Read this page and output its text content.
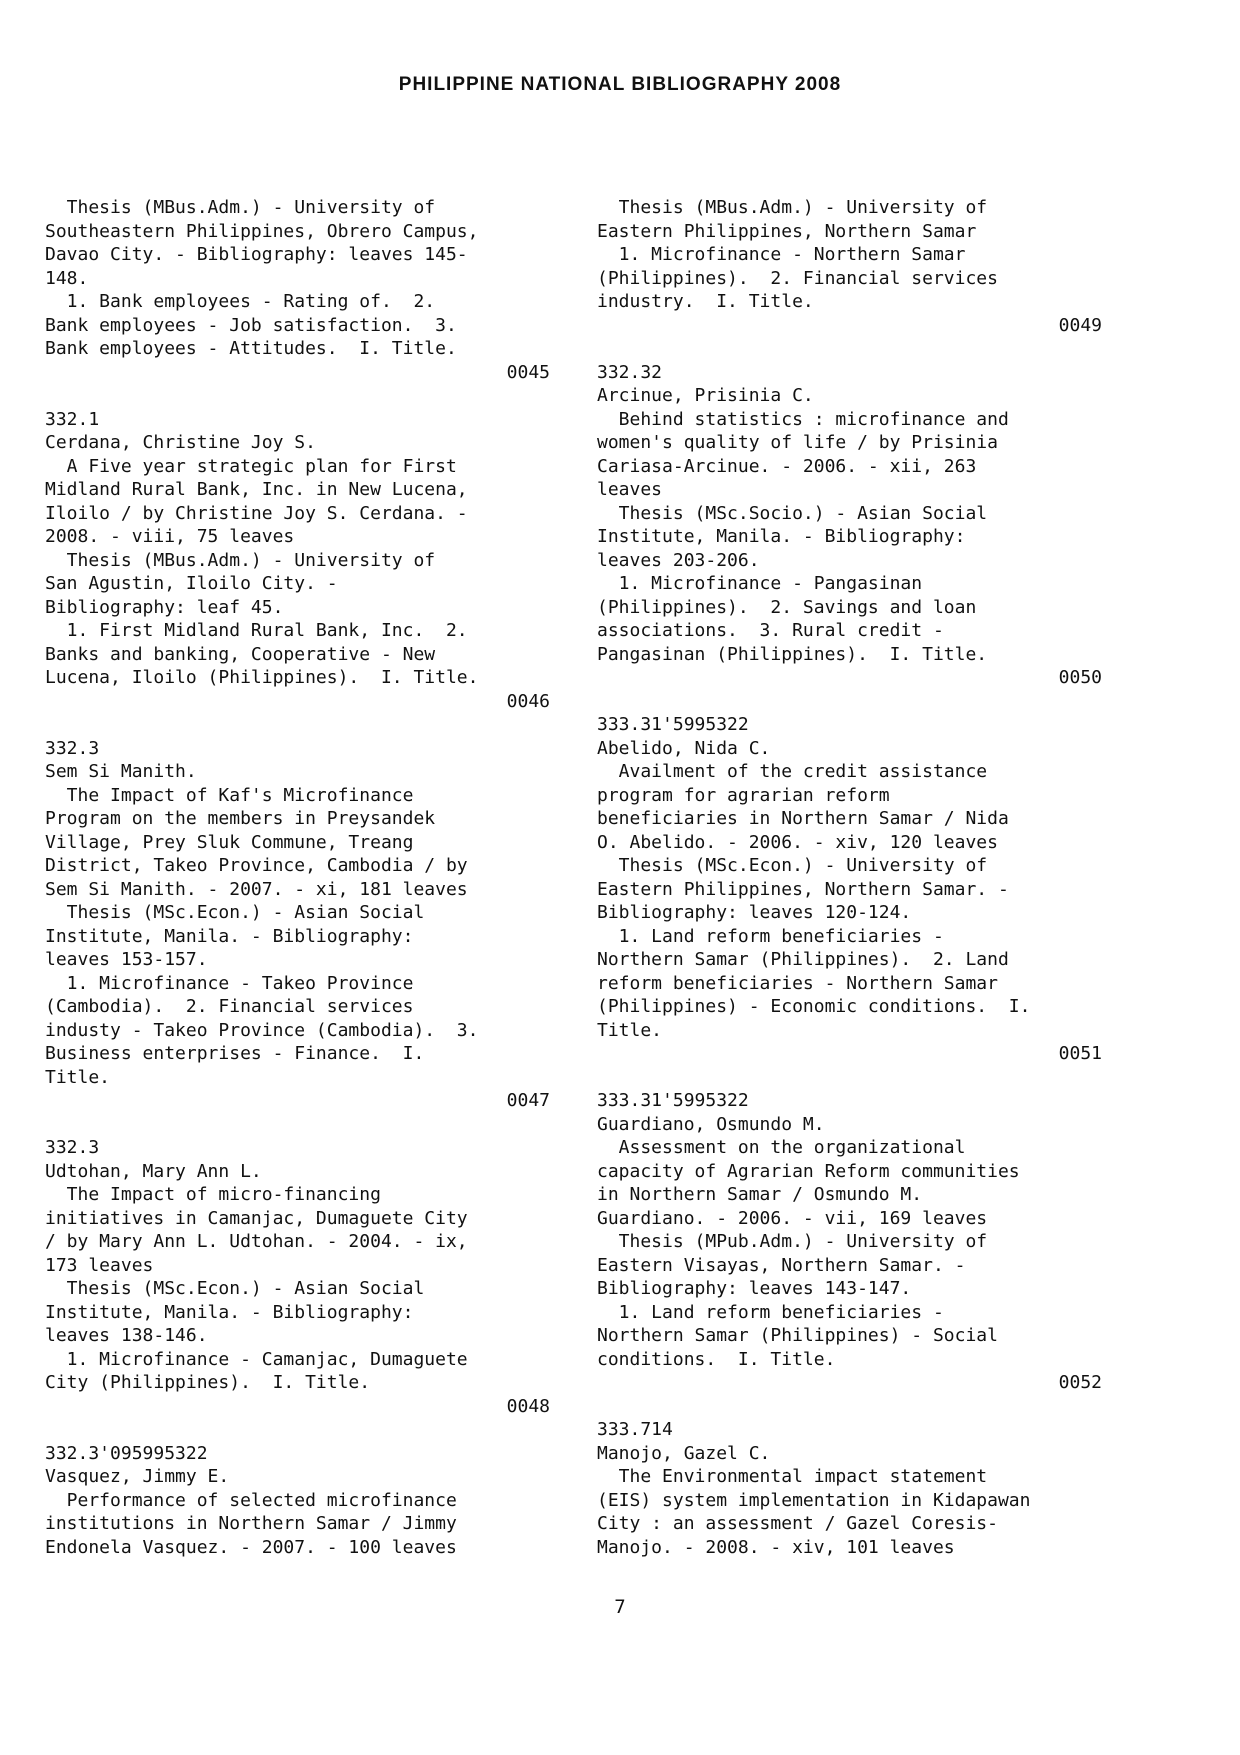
PHILIPPINE NATIONAL BIBLIOGRAPHY 2008
Thesis (MBus.Adm.) - University of
Southeastern Philippines, Obrero Campus,
Davao City. - Bibliography: leaves 145-
148.
1. Bank employees - Rating of.  2.
Bank employees - Job satisfaction.  3.
Bank employees - Attitudes.  I. Title.
0045
332.1
Cerdana, Christine Joy S.
A Five year strategic plan for First
Midland Rural Bank, Inc. in New Lucena,
Iloilo / by Christine Joy S. Cerdana. -
2008. - viii, 75 leaves
Thesis (MBus.Adm.) - University of
San Agustin, Iloilo City. -
Bibliography: leaf 45.
1. First Midland Rural Bank, Inc.  2.
Banks and banking, Cooperative - New
Lucena, Iloilo (Philippines).  I. Title.
0046
332.3
Sem Si Manith.
The Impact of Kaf's Microfinance
Program on the members in Preysandek
Village, Prey Sluk Commune, Treang
District, Takeo Province, Cambodia / by
Sem Si Manith. - 2007. - xi, 181 leaves
Thesis (MSc.Econ.) - Asian Social
Institute, Manila. - Bibliography:
leaves 153-157.
1. Microfinance - Takeo Province
(Cambodia).  2. Financial services
industy - Takeo Province (Cambodia).  3.
Business enterprises - Finance.  I.
Title.
0047
332.3
Udtohan, Mary Ann L.
The Impact of micro-financing
initiatives in Camanjac, Dumaguete City
/ by Mary Ann L. Udtohan. - 2004. - ix,
173 leaves
Thesis (MSc.Econ.) - Asian Social
Institute, Manila. - Bibliography:
leaves 138-146.
1. Microfinance - Camanjac, Dumaguete
City (Philippines).  I. Title.
0048
332.3'095995322
Vasquez, Jimmy E.
Performance of selected microfinance
institutions in Northern Samar / Jimmy
Endonela Vasquez. - 2007. - 100 leaves
Thesis (MBus.Adm.) - University of
Eastern Philippines, Northern Samar
1. Microfinance - Northern Samar
(Philippines).  2. Financial services
industry.  I. Title.
0049
332.32
Arcinue, Prisinia C.
Behind statistics : microfinance and
women's quality of life / by Prisinia
Cariasa-Arcinue. - 2006. - xii, 263
leaves
Thesis (MSc.Socio.) - Asian Social
Institute, Manila. - Bibliography:
leaves 203-206.
1. Microfinance - Pangasinan
(Philippines).  2. Savings and loan
associations.  3. Rural credit -
Pangasinan (Philippines).  I. Title.
0050
333.31'5995322
Abelido, Nida C.
Availment of the credit assistance
program for agrarian reform
beneficiaries in Northern Samar / Nida
O. Abelido. - 2006. - xiv, 120 leaves
Thesis (MSc.Econ.) - University of
Eastern Philippines, Northern Samar. -
Bibliography: leaves 120-124.
1. Land reform beneficiaries -
Northern Samar (Philippines).  2. Land
reform beneficiaries - Northern Samar
(Philippines) - Economic conditions.  I.
Title.
0051
333.31'5995322
Guardiano, Osmundo M.
Assessment on the organizational
capacity of Agrarian Reform communities
in Northern Samar / Osmundo M.
Guardiano. - 2006. - vii, 169 leaves
Thesis (MPub.Adm.) - University of
Eastern Visayas, Northern Samar. -
Bibliography: leaves 143-147.
1. Land reform beneficiaries -
Northern Samar (Philippines) - Social
conditions.  I. Title.
0052
333.714
Manojo, Gazel C.
The Environmental impact statement
(EIS) system implementation in Kidapawan
City : an assessment / Gazel Coresis-
Manojo. - 2008. - xiv, 101 leaves
7
